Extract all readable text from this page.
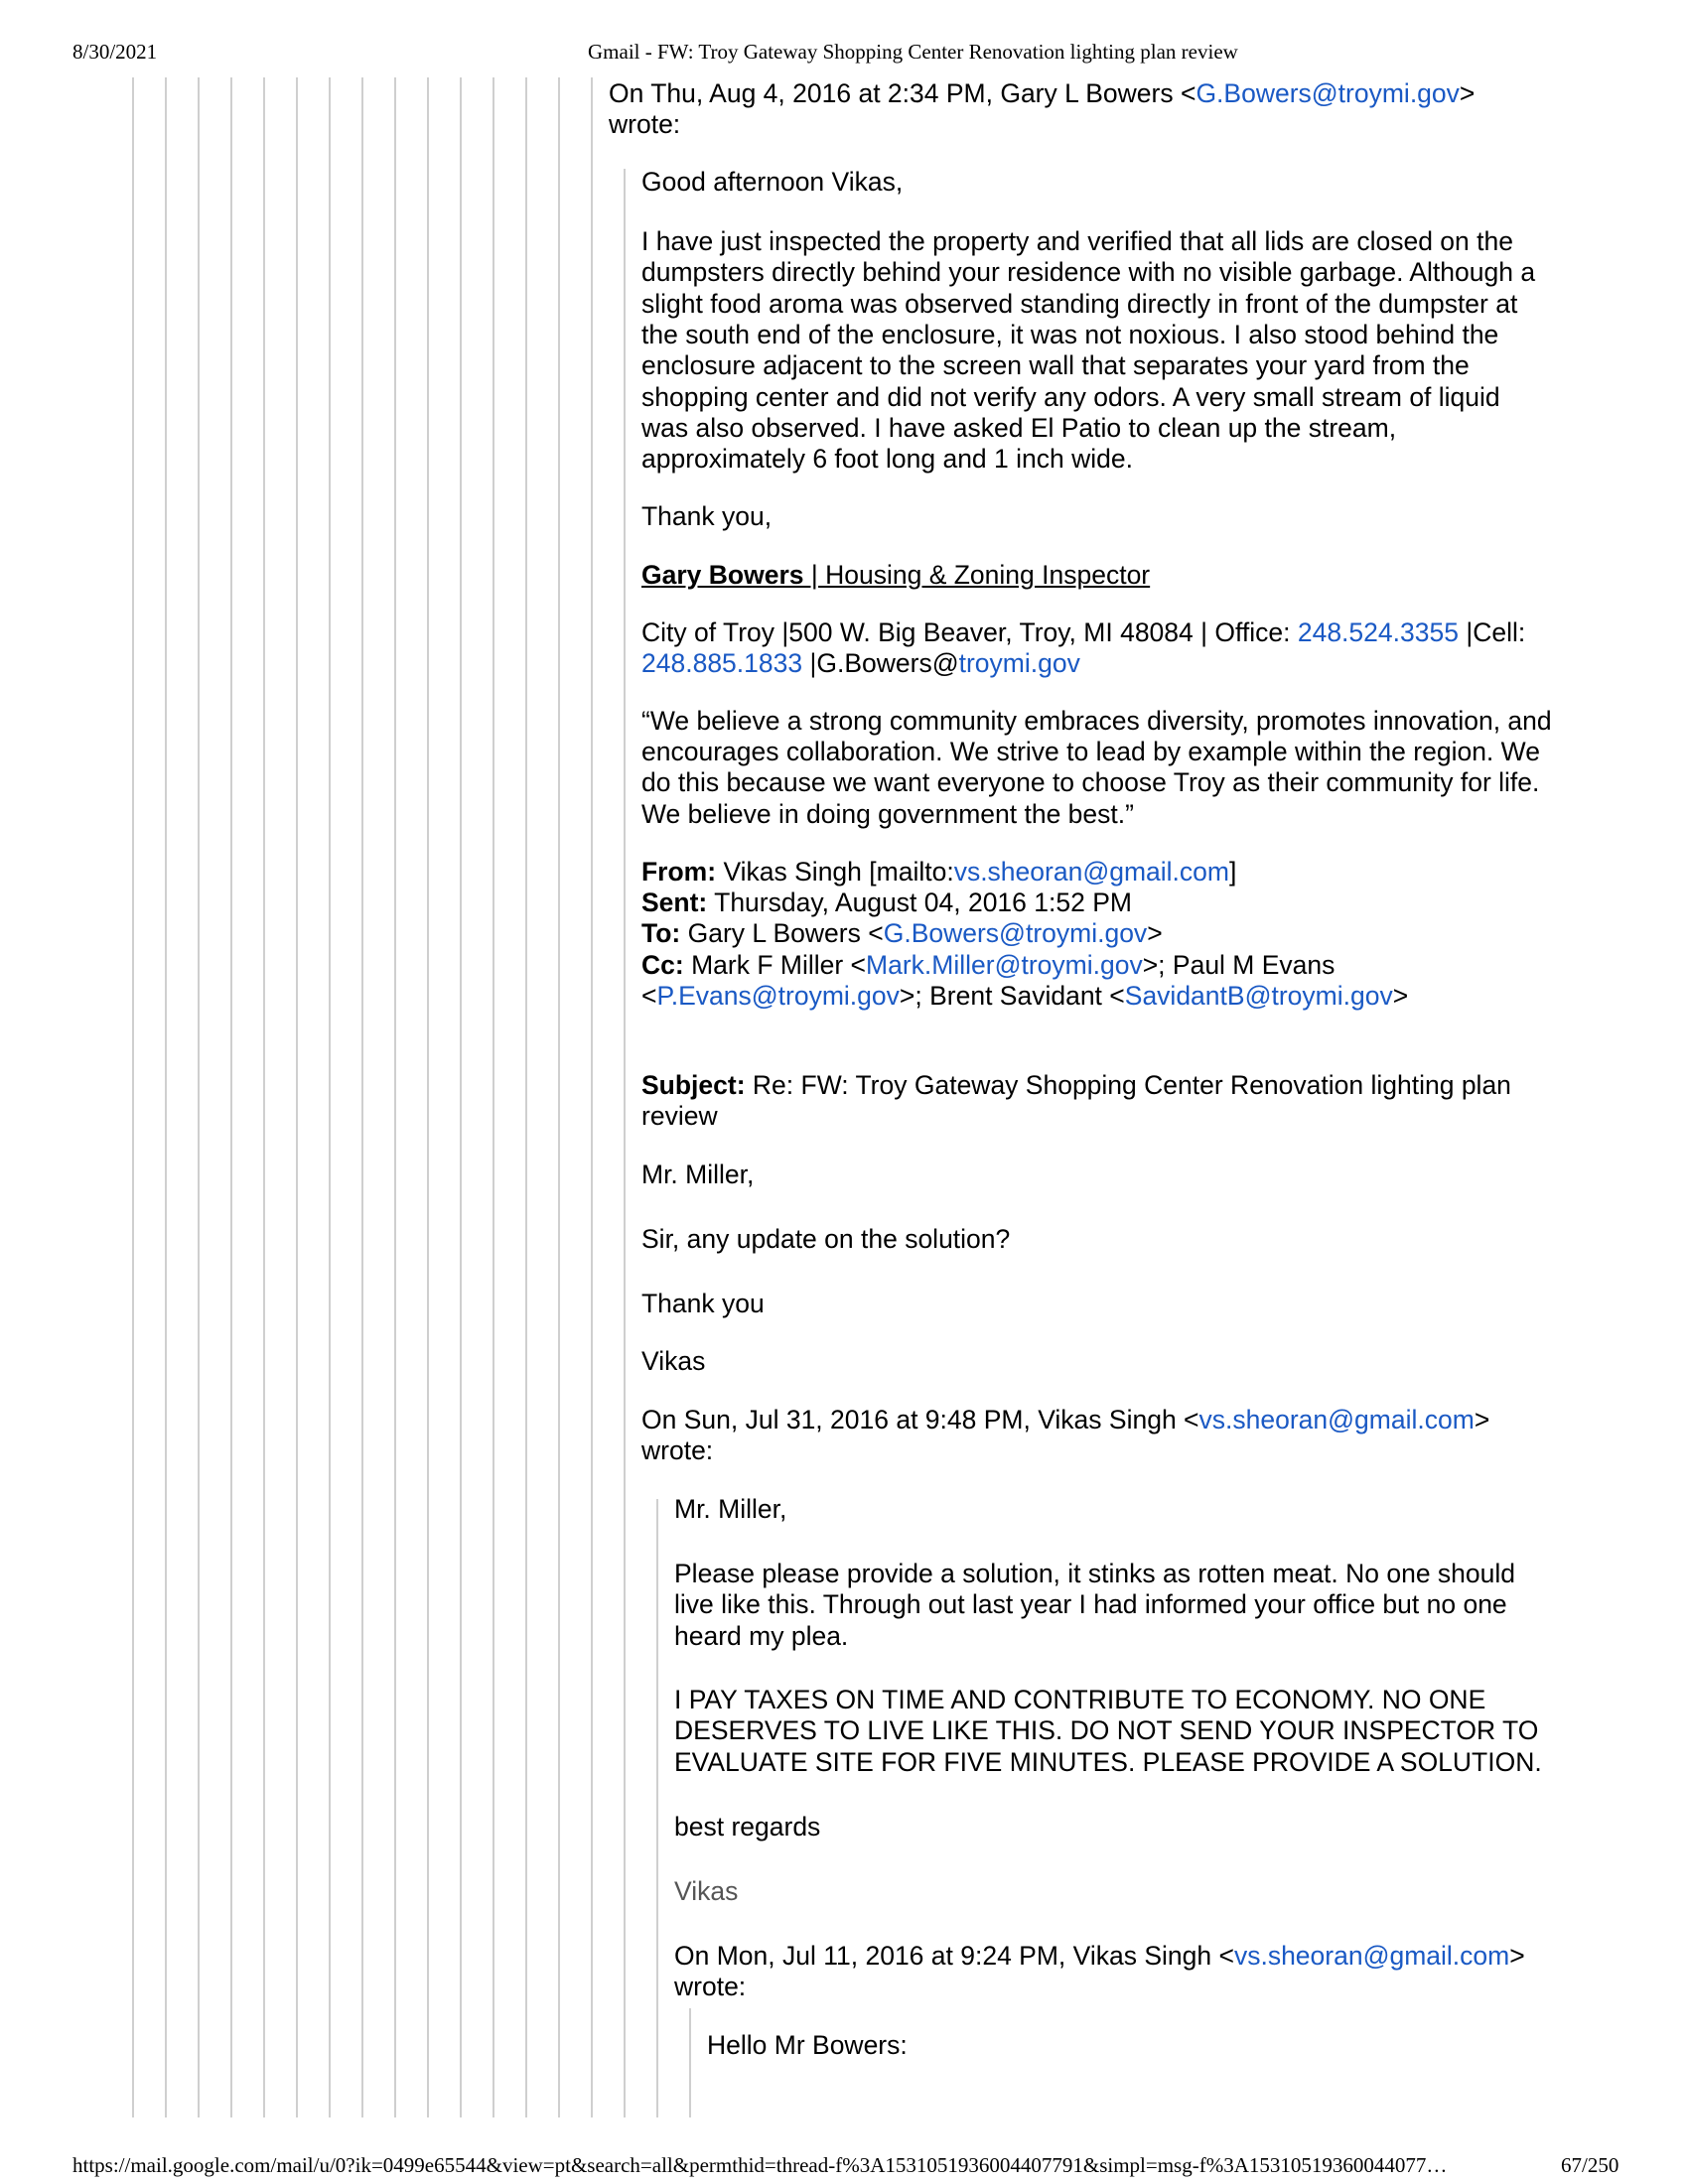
8/30/2021	Gmail - FW: Troy Gateway Shopping Center Renovation lighting plan review
On Thu, Aug 4, 2016 at 2:34 PM, Gary L Bowers <G.Bowers@troymi.gov>
wrote:
Good afternoon Vikas,
I have just inspected the property and verified that all lids are closed on the
dumpsters directly behind your residence with no visible garbage. Although a
slight food aroma was observed standing directly in front of the dumpster at
the south end of the enclosure, it was not noxious. I also stood behind the
enclosure adjacent to the screen wall that separates your yard from the
shopping center and did not verify any odors. A very small stream of liquid
was also observed. I have asked El Patio to clean up the stream,
approximately 6 foot long and 1 inch wide.
Thank you,
Gary Bowers | Housing & Zoning Inspector
City of Troy |500 W. Big Beaver, Troy, MI 48084 | Office: 248.524.3355 |Cell:
248.885.1833 |G.Bowers@troymi.gov
“We believe a strong community embraces diversity, promotes innovation, and
encourages collaboration. We strive to lead by example within the region. We
do this because we want everyone to choose Troy as their community for life.
We believe in doing government the best.”
From: Vikas Singh [mailto:vs.sheoran@gmail.com]
Sent: Thursday, August 04, 2016 1:52 PM
To: Gary L Bowers <G.Bowers@troymi.gov>
Cc: Mark F Miller <Mark.Miller@troymi.gov>; Paul M Evans
<P.Evans@troymi.gov>; Brent Savidant <SavidantB@troymi.gov>
Subject: Re: FW: Troy Gateway Shopping Center Renovation lighting plan
review
Mr. Miller,
Sir, any update on the solution?
Thank you
Vikas
On Sun, Jul 31, 2016 at 9:48 PM, Vikas Singh <vs.sheoran@gmail.com>
wrote:
Mr. Miller,
Please please provide a solution, it stinks as rotten meat. No one should
live like this. Through out last year I had informed your office but no one
heard my plea.
I PAY TAXES ON TIME AND CONTRIBUTE TO ECONOMY. NO ONE
DESERVES TO LIVE LIKE THIS. DO NOT SEND YOUR INSPECTOR TO
EVALUATE SITE FOR FIVE MINUTES. PLEASE PROVIDE A SOLUTION.
best regards
Vikas
On Mon, Jul 11, 2016 at 9:24 PM, Vikas Singh <vs.sheoran@gmail.com>
wrote:
Hello Mr Bowers:
https://mail.google.com/mail/u/0?ik=0499e65544&view=pt&search=all&permthid=thread-f%3A1531051936004407791&simpl=msg-f%3A15310519360044077…	67/250
